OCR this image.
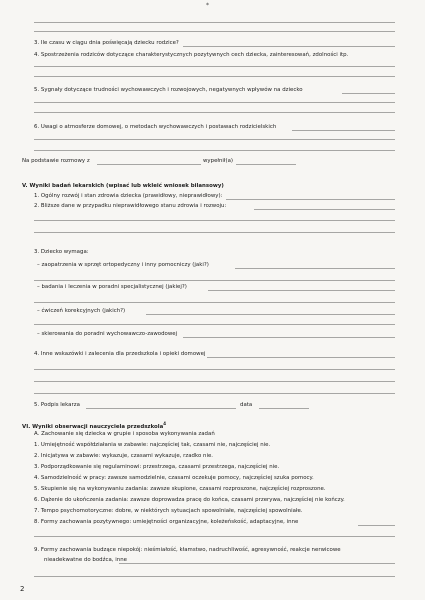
*
3. Ile czasu w ciągu dnia poświęcają dziecku rodzice?
4. Spostrzeżenia rodziców dotyczące charakterystycznych pozytywnych cech dziecka, zainteresowań, zdolności itp.
5. Sygnały dotyczące trudności wychowawczych i rozwojowych, negatywnych wpływów na dziecko
6. Uwagi o atmosferze domowej, o metodach wychowawczych i postawach rodzicielskich
Na podstawie rozmowy z	wypełnił(a)
V. Wyniki badań lekarskich (wpisać lub wkleić wniosek bilansowy)
1. Ogólny rozwój i stan zdrowia dziecka (prawidłowy, nieprawidłowy):
2. Bliższe dane w przypadku nieprawidłowego stanu zdrowia i rozwoju:
3. Dziecko wymaga:
– zaopatrzenia w sprzęt ortopedyczny i inny pomocniczy (jaki?)
– badania i leczenia w poradni specjalistycznej (jakiej?)
– ćwiczeń korekcyjnych (jakich?)
– skierowania do poradni wychowawczo-zawodowej
4. Inne wskazówki i zalecenia dla przedszkola i opieki domowej
5. Podpis lekarza	data
VI. Wyniki obserwacji nauczyciela przedszkola$^4$
A. Zachowanie się dziecka w grupie i sposoba wykonywania zadań
1. Umiejętność współdziałania w zabawie: najczęściej tak, czasami nie, najczęściej nie.
2. Inicjatywa w zabawie: wykazuje, czasami wykazuje, rzadko nie.
3. Podporządkowanie się regulaminowi: przestrzega, czasami przestrzega, najczęściej nie.
4. Samodzielność w pracy: zawsze samodzielnie, czasami oczekuje pomocy, najczęściej szuka pomocy.
5. Skupienie się na wykonywaniu zadania: zawsze skupione, czasami rozproszone, najczęściej rozproszone.
6. Dążenie do ukończenia zadania: zawsze doprowadza pracę do końca, czasami przerywa, najczęściej nie kończy.
7. Tempo psychomotoryczne: dobre, w niektórych sytuacjach spowolniałe, najczęściej spowolniałe.
8. Formy zachowania pozytywnego: umiejętności organizacyjne, koleżeńskość, adaptacyjne, inne
9. Formy zachowania budzące niepokój: nieśmiałość, kłamstwo, nadruchliwość, agresywność, reakcje nerwicowe
nieadekwatne do bodźca, inne
2
